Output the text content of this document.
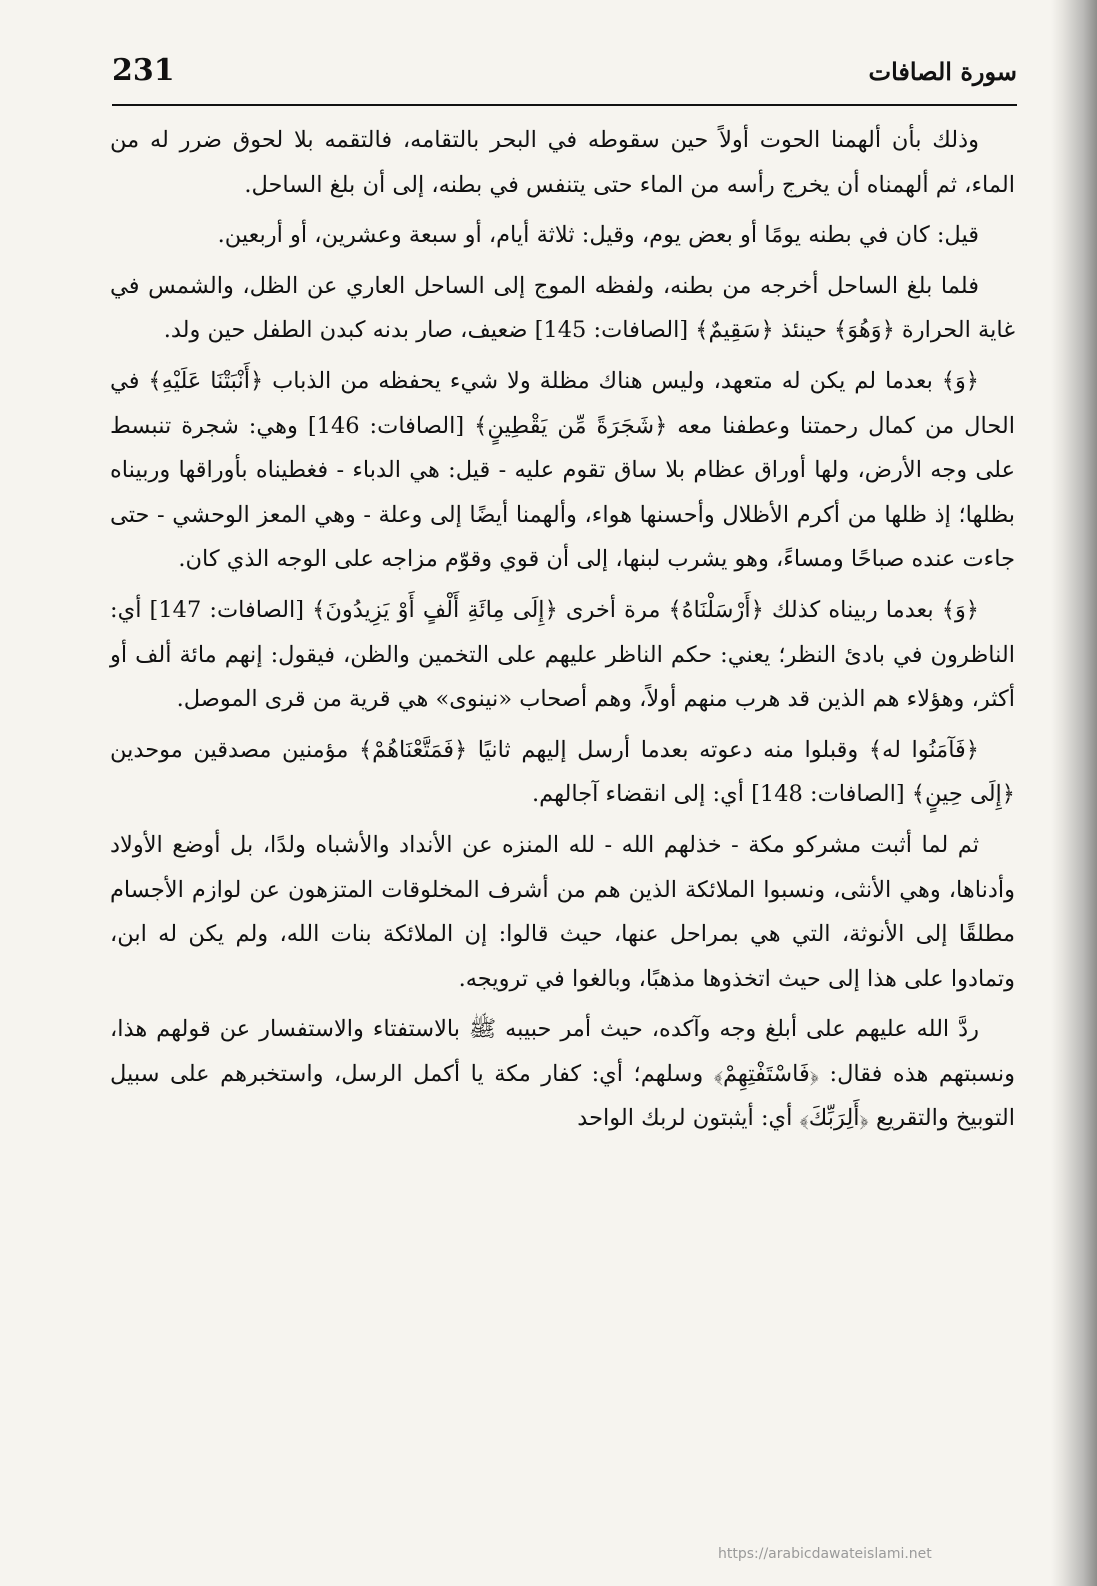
231	سورة الصافات

وذلك بأن ألهمنا الحوت أولاً حين سقوطه في البحر بالتقامه، فالتقمه بلا لحوق ضرر له من الماء، ثم ألهمناه أن يخرج رأسه من الماء حتى يتنفس في بطنه، إلى أن بلغ الساحل.

قيل: كان في بطنه يومًا أو بعض يوم، وقيل: ثلاثة أيام، أو سبعة وعشرين، أو أربعين.

فلما بلغ الساحل أخرجه من بطنه، ولفظه الموج إلى الساحل العاري عن الظل، والشمس في غاية الحرارة ﴿وَهُوَ﴾ حينئذ ﴿سَقِيمٌ﴾ [الصافات: 145] ضعيف، صار بدنه كبدن الطفل حين ولد.

﴿وَ﴾ بعدما لم يكن له متعهد، وليس هناك مظلة ولا شيء يحفظه من الذباب ﴿أَنْبَتْنَا عَلَيْهِ﴾ في الحال من كمال رحمتنا وعطفنا معه ﴿شَجَرَةً مِّن يَقْطِينٍ﴾ [الصافات: 146] وهي: شجرة تنبسط على وجه الأرض، ولها أوراق عظام بلا ساق تقوم عليه - قيل: هي الدباء - فغطيناه بأوراقها وربيناه بظلها؛ إذ ظلها من أكرم الأظلال وأحسنها هواء، وألهمنا أيضًا إلى وعلة - وهي المعز الوحشي - حتى جاءت عنده صباحًا ومساءً، وهو يشرب لبنها، إلى أن قوي وقوّم مزاجه على الوجه الذي كان.

﴿وَ﴾ بعدما ربيناه كذلك ﴿أَرْسَلْنَاهُ﴾ مرة أخرى ﴿إِلَى مِائَةِ أَلْفٍ أَوْ يَزِيدُونَ﴾ [الصافات: 147] أي: الناظرون في بادئ النظر؛ يعني: حكم الناظر عليهم على التخمين والظن، فيقول: إنهم مائة ألف أو أكثر، وهؤلاء هم الذين قد هرب منهم أولاً، وهم أصحاب «نينوى» هي قرية من قرى الموصل.

﴿فَآمَنُوا له﴾ وقبلوا منه دعوته بعدما أرسل إليهم ثانيًا ﴿فَمَتَّعْنَاهُمْ﴾ مؤمنين مصدقين موحدين ﴿إِلَى حِينٍ﴾ [الصافات: 148] أي: إلى انقضاء آجالهم.

ثم لما أثبت مشركو مكة - خذلهم الله - لله المنزه عن الأنداد والأشباه ولدًا، بل أوضع الأولاد وأدناها، وهي الأنثى، ونسبوا الملائكة الذين هم من أشرف المخلوقات المتزهون عن لوازم الأجسام مطلقًا إلى الأنوثة، التي هي بمراحل عنها، حيث قالوا: إن الملائكة بنات الله، ولم يكن له ابن، وتمادوا على هذا إلى حيث اتخذوها مذهبًا، وبالغوا في ترويجه.

ردَّ الله عليهم على أبلغ وجه وآكده، حيث أمر حبيبه ﷺ بالاستفتاء والاستفسار عن قولهم هذا، ونسبتهم هذه فقال: ﴿فَاسْتَفْتِهِمْ﴾ وسلهم؛ أي: كفار مكة يا أكمل الرسل، واستخبرهم على سبيل التوبيخ والتقريع ﴿أَلِرَبِّكَ﴾ أي: أيثبتون لربك الواحد

https://arabicdawateislami.net
